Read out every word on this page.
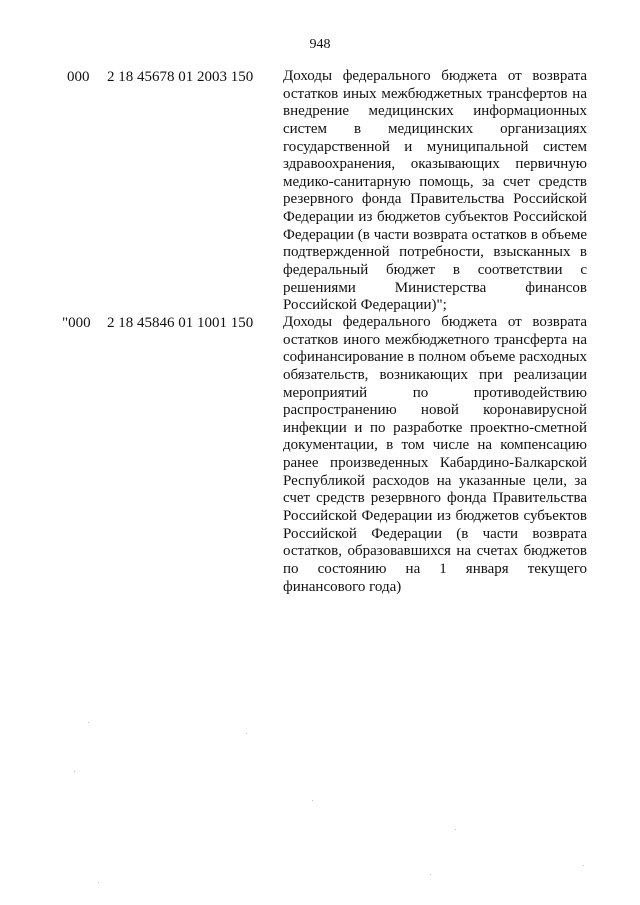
948
000 2 18 45678 01 2003 150 Доходы федерального бюджета от возврата
остатков иных межбюджетных трансфертов на
внедрение медицинских информационных
систем в медицинских организациях
государственной и муниципальной систем
здравоохранения, оказывающих первичную
медико-санитарную помощь, за счет средств
резервного фонда Правительства Российской
Федерации из бюджетов субъектов Российской
Федерации (в части возврата остатков в объеме
подтвержденной потребности, взысканных в
федеральный бюджет в соответствии с
решениями Министерства финансов
Российской Федерации)";
"000 2 18 45846 01 1001 150 Доходы федерального бюджета от возврата
остатков иного межбюджетного трансферта на
софинансирование в полном объеме расходных
обязательств, возникающих при реализации
мероприятий по противодействию
распространению новой коронавирусной
инфекции и по разработке проектно-сметной
документации, в том числе на компенсацию
ранее произведенных Кабардино-Балкарской
Республикой расходов на указанные цели, за
счет средств резервного фонда Правительства
Российской Федерации из бюджетов субъектов
Российской Федерации (в части возврата
остатков, образовавшихся на счетах бюджетов
по состоянию на 1 января текущего
финансового года)
